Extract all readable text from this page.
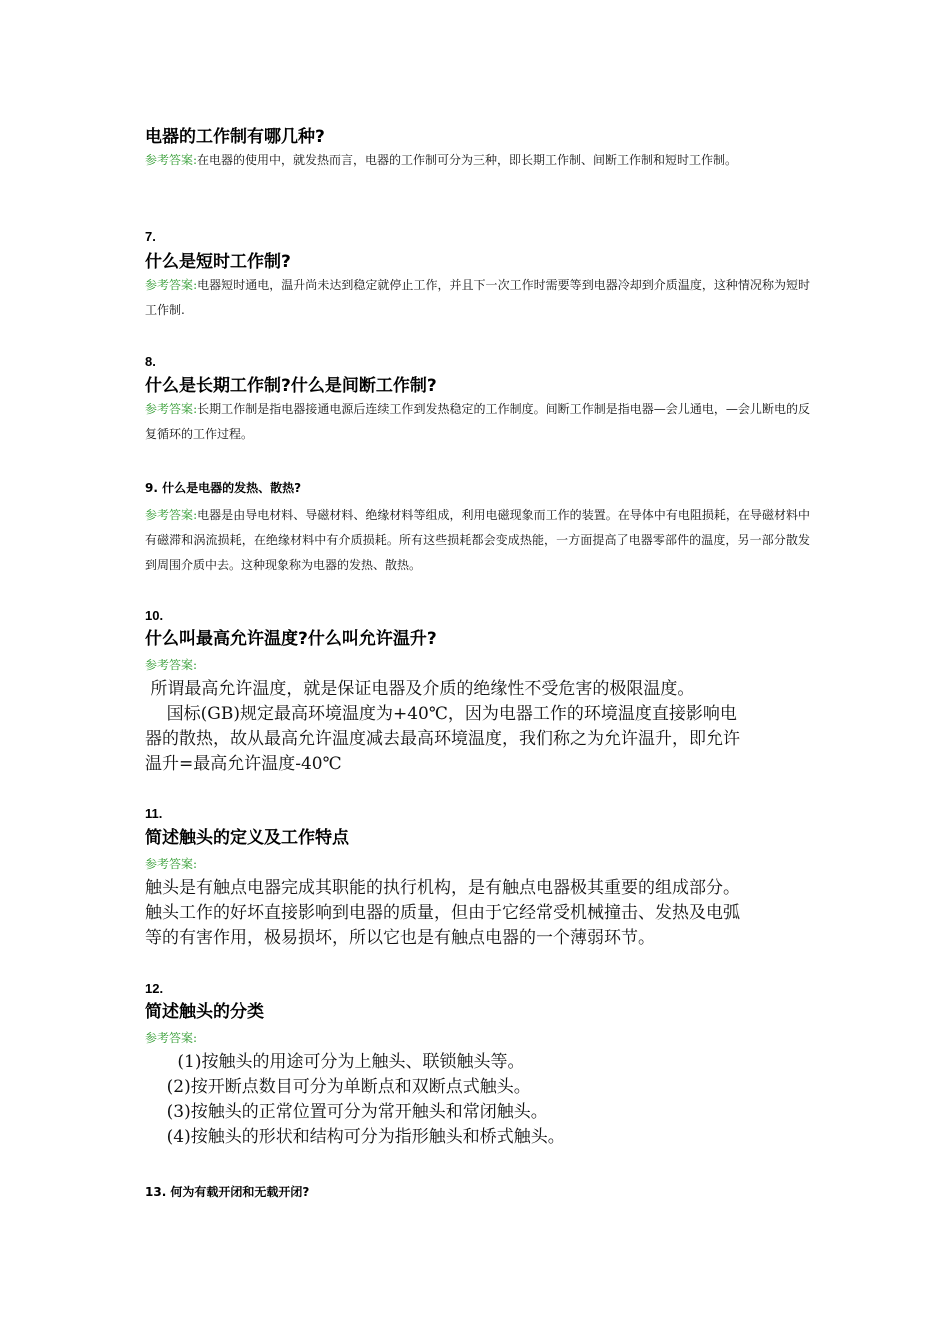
电器的工作制有哪几种?
参考答案:在电器的使用中，就发热而言，电器的工作制可分为三种，即长期工作制、间断工作制和短时工作制。
7.
什么是短时工作制?
参考答案:电器短时通电，温升尚未达到稳定就停止工作，并且下一次工作时需要等到电器冷却到介质温度，这种情况称为短时工作制.
8.
什么是长期工作制?什么是间断工作制?
参考答案:长期工作制是指电器接通电源后连续工作到发热稳定的工作制度。间断工作制是指电器—会儿通电，—会儿断电的反复循环的工作过程。
9. 什么是电器的发热、散热?
参考答案:电器是由导电材料、导磁材料、绝缘材料等组成，利用电磁现象而工作的装置。在导体中有电阻损耗，在导磁材料中有磁滞和涡流损耗，在绝缘材料中有介质损耗。所有这些损耗都会变成热能，一方面提高了电器零部件的温度，另一部分散发到周围介质中去。这种现象称为电器的发热、散热。
10.
什么叫最高允许温度?什么叫允许温升?
参考答案:

所谓最高允许温度，就是保证电器及介质的绝缘性不受危害的极限温度。

国标(GB)规定最高环境温度为+40℃，因为电器工作的环境温度直接影响电

器的散热，故从最高允许温度减去最高环境温度，我们称之为允许温升，即允许

温升=最高允许温度-40℃

11.
简述触头的定义及工作特点
参考答案:

触头是有触点电器完成其职能的执行机构，是有触点电器极其重要的组成部分。

触头工作的好坏直接影响到电器的质量，但由于它经常受机械撞击、发热及电弧

等的有害作用，极易损坏，所以它也是有触点电器的一个薄弱环节。

12.
简述触头的分类
参考答案:

(1)按触头的用途可分为上触头、联锁触头等。

(2)按开断点数目可分为单断点和双断点式触头。

(3)按触头的正常位置可分为常开触头和常闭触头。

(4)按触头的形状和结构可分为指形触头和桥式触头。

13. 何为有载开闭和无载开闭?
